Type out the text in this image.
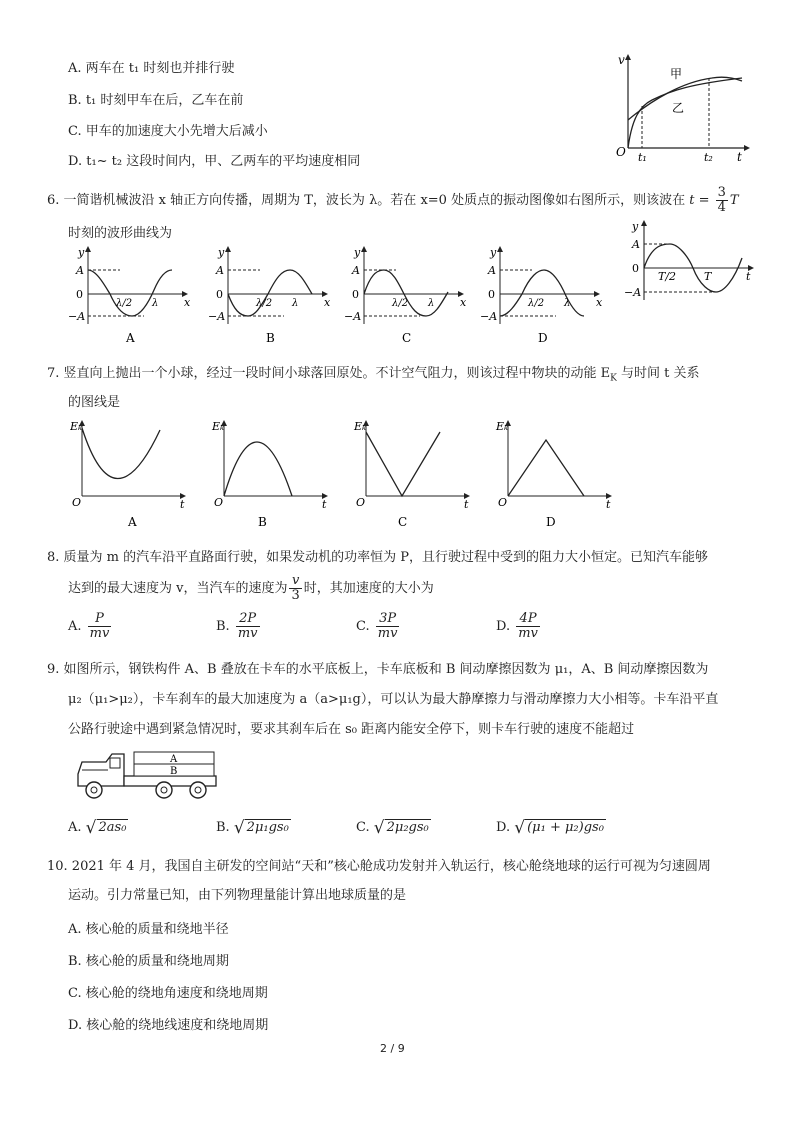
A. 两车在 t₁ 时刻也并排行驶
B. t₁ 时刻甲车在后，乙车在前
C. 甲车的加速度大小先增大后减小
D. t₁~ t₂ 这段时间内，甲、乙两车的平均速度相同
v
O t₁	t₂ t
甲
乙
6. 一简谐机械波沿 x 轴正方向传播，周期为 T，波长为 λ。若在 x=0 处质点的振动图像如右图所示，则该波在 $t = \frac{3}{4}$ T
时刻的波形曲线为
y
A
0
−A
λ/2 λ x
A
y
A
0
−A
λ/2 λ x
B
y
A
0
−A
λ/2 λ x
C
y
A
0
−A
λ/2 λ x
D
y
A
0
−A
T/2	T	t
7. 竖直向上抛出一个小球，经过一段时间小球落回原处。不计空气阻力，则该过程中物块的动能 $E_K$ 与时间 t 关系
的图线是
Eₖ
O	t
A
Eₖ
O	t
B
Eₖ
O	t
C
Eₖ
O	t
D
8. 质量为 m 的汽车沿平直路面行驶，如果发动机的功率恒为 P，且行驶过程中受到的阻力大小恒定。已知汽车能够
达到的最大速度为 v，当汽车的速度为 $\frac{v}{3}$ 时，其加速度的大小为
A. $\frac{P}{mv}$	B. $\frac{2P}{mv}$	C. $\frac{3P}{mv}$	D. $\frac{4P}{mv}$
9. 如图所示，钢铁构件 A、B 叠放在卡车的水平底板上，卡车底板和 B 间动摩擦因数为 μ₁，A、B 间动摩擦因数为
μ₂（μ₁>μ₂），卡车刹车的最大加速度为 a（a>μ₁g），可以认为最大静摩擦力与滑动摩擦力大小相等。卡车沿平直
公路行驶途中遇到紧急情况时，要求其刹车后在 s₀ 距离内能安全停下，则卡车行驶的速度不能超过
A
B
A. √ 2as₀	B. √ 2μ₁gs₀	C. √ 2μ₂gs₀	D. √ (μ₁ + μ₂)gs₀
10. 2021 年 4 月，我国自主研发的空间站“天和”核心舱成功发射并入轨运行，核心舱绕地球的运行可视为匀速圆周
运动。引力常量已知，由下列物理量能计算出地球质量的是
A. 核心舱的质量和绕地半径
B. 核心舱的质量和绕地周期
C. 核心舱的绕地角速度和绕地周期
D. 核心舱的绕地线速度和绕地周期
2 / 9
